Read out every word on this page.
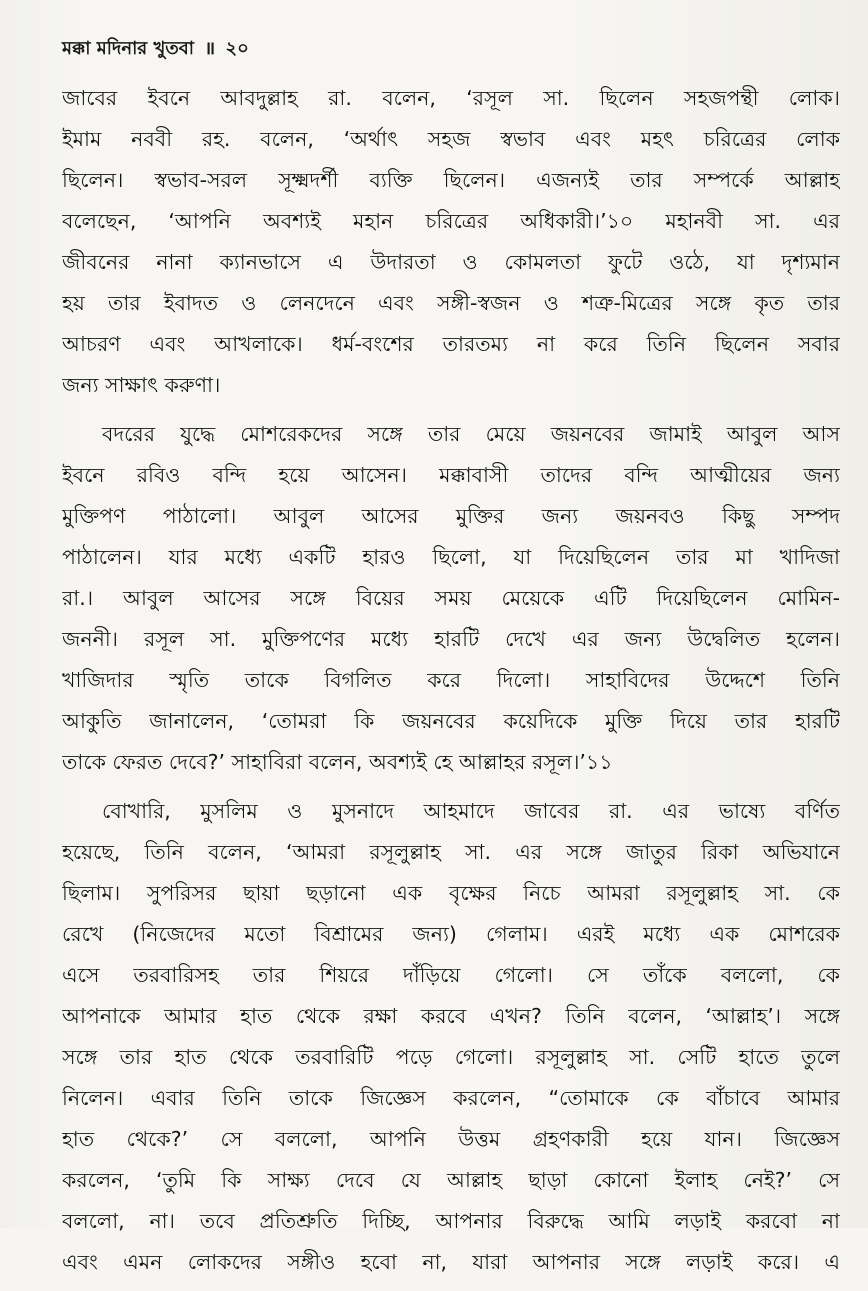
মক্কা মদিনার খুতবা ॥ ২০
জাবের ইবনে আবদুল্লাহ রা. বলেন, ‘রসূল সা. ছিলেন সহজপন্থী লোক।
ইমাম নববী রহ. বলেন, ‘অর্থাৎ সহজ স্বভাব এবং মহৎ চরিত্রের লোক
ছিলেন। স্বভাব-সরল সূক্ষ্মদর্শী ব্যক্তি ছিলেন। এজন্যই তার সম্পর্কে আল্লাহ
বলেছেন, ‘আপনি অবশ্যই মহান চরিত্রের অধিকারী।’১০ মহানবী সা. এর
জীবনের নানা ক্যানভাসে এ উদারতা ও কোমলতা ফুটে ওঠে, যা দৃশ্যমান
হয় তার ইবাদত ও লেনদেনে এবং সঙ্গী-স্বজন ও শত্রু-মিত্রের সঙ্গে কৃত তার
আচরণ এবং আখলাকে। ধর্ম-বংশের তারতম্য না করে তিনি ছিলেন সবার
জন্য সাক্ষাৎ করুণা।
বদরের যুদ্ধে মোশরেকদের সঙ্গে তার মেয়ে জয়নবের জামাই আবুল আস
ইবনে রবিও বন্দি হয়ে আসেন। মক্কাবাসী তাদের বন্দি আত্মীয়ের জন্য
মুক্তিপণ পাঠালো। আবুল আসের মুক্তির জন্য জয়নবও কিছু সম্পদ
পাঠালেন। যার মধ্যে একটি হারও ছিলো, যা দিয়েছিলেন তার মা খাদিজা
রা.। আবুল আসের সঙ্গে বিয়ের সময় মেয়েকে এটি দিয়েছিলেন মোমিন-
জননী। রসূল সা. মুক্তিপণের মধ্যে হারটি দেখে এর জন্য উদ্বেলিত হলেন।
খাজিদার স্মৃতি তাকে বিগলিত করে দিলো। সাহাবিদের উদ্দেশে তিনি
আকুতি জানালেন, ‘তোমরা কি জয়নবের কয়েদিকে মুক্তি দিয়ে তার হারটি
তাকে ফেরত দেবে?’ সাহাবিরা বলেন, অবশ্যই হে আল্লাহর রসূল।’১১
বোখারি, মুসলিম ও মুসনাদে আহমাদে জাবের রা. এর ভাষ্যে বর্ণিত
হয়েছে, তিনি বলেন, ‘আমরা রসূলুল্লাহ সা. এর সঙ্গে জাতুর রিকা অভিযানে
ছিলাম। সুপরিসর ছায়া ছড়ানো এক বৃক্ষের নিচে আমরা রসূলুল্লাহ সা. কে
রেখে (নিজেদের মতো বিশ্রামের জন্য) গেলাম। এরই মধ্যে এক মোশরেক
এসে তরবারিসহ তার শিয়রে দাঁড়িয়ে গেলো। সে তাঁকে বললো, কে
আপনাকে আমার হাত থেকে রক্ষা করবে এখন? তিনি বলেন, ‘আল্লাহ’। সঙ্গে
সঙ্গে তার হাত থেকে তরবারিটি পড়ে গেলো। রসূলুল্লাহ সা. সেটি হাতে তুলে
নিলেন। এবার তিনি তাকে জিজ্ঞেস করলেন, “তোমাকে কে বাঁচাবে আমার
হাত থেকে?’ সে বললো, আপনি উত্তম গ্রহণকারী হয়ে যান। জিজ্ঞেস
করলেন, ‘তুমি কি সাক্ষ্য দেবে যে আল্লাহ ছাড়া কোনো ইলাহ নেই?’ সে
বললো, না। তবে প্রতিশ্রুতি দিচ্ছি, আপনার বিরুদ্ধে আমি লড়াই করবো না
এবং এমন লোকদের সঙ্গীও হবো না, যারা আপনার সঙ্গে লড়াই করে। এ
